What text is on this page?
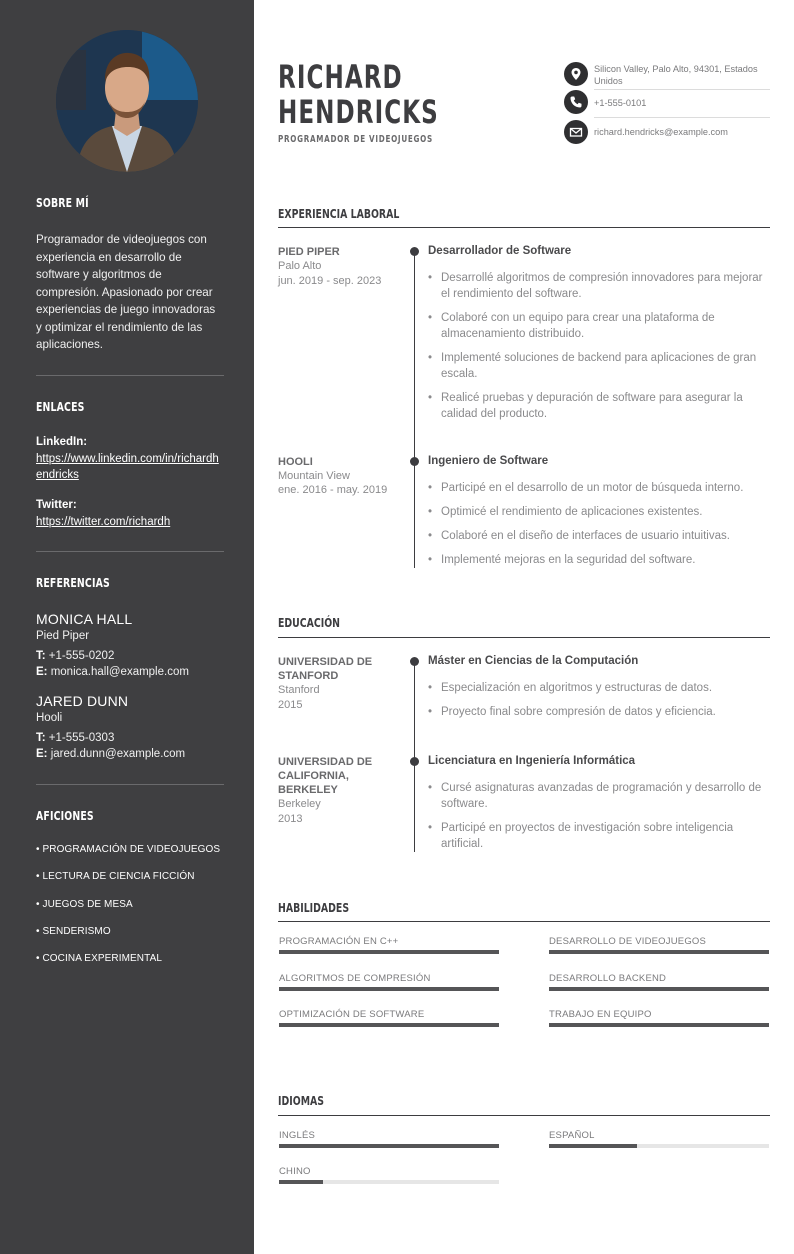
SOBRE MÍ

Programador de videojuegos con experiencia en desarrollo de software y algoritmos de compresión. Apasionado por crear experiencias de juego innovadoras y optimizar el rendimiento de las aplicaciones.

ENLACES
LinkedIn:
https://www.linkedin.com/in/richardhendricks
Twitter:
https://twitter.com/richardh
REFERENCIAS
MONICA HALL
Pied Piper
T: +1-555-0202
E: monica.hall@example.com
JARED DUNN
Hooli
T: +1-555-0303
E: jared.dunn@example.com
AFICIONES
• PROGRAMACIÓN DE VIDEOJUEGOS
• LECTURA DE CIENCIA FICCIÓN
• JUEGOS DE MESA
• SENDERISMO
• COCINA EXPERIMENTAL
RICHARD
HENDRICKS
PROGRAMADOR DE VIDEOJUEGOS
Silicon Valley, Palo Alto, 94301, Estados Unidos
+1-555-0101
richard.hendricks@example.com
EXPERIENCIA LABORAL
PIED PIPER
Palo Alto
jun. 2019 - sep. 2023
Desarrollador de Software
• Desarrollé algoritmos de compresión innovadores para mejorar el rendimiento del software.
• Colaboré con un equipo para crear una plataforma de almacenamiento distribuido.
• Implementé soluciones de backend para aplicaciones de gran escala.
• Realicé pruebas y depuración de software para asegurar la calidad del producto.
HOOLI
Mountain View
ene. 2016 - may. 2019
Ingeniero de Software
• Participé en el desarrollo de un motor de búsqueda interno.
• Optimicé el rendimiento de aplicaciones existentes.
• Colaboré en el diseño de interfaces de usuario intuitivas.
• Implementé mejoras en la seguridad del software.
EDUCACIÓN
UNIVERSIDAD DE STANFORD
Stanford
2015
Máster en Ciencias de la Computación
• Especialización en algoritmos y estructuras de datos.
• Proyecto final sobre compresión de datos y eficiencia.
UNIVERSIDAD DE CALIFORNIA, BERKELEY
Berkeley
2013
Licenciatura en Ingeniería Informática
• Cursé asignaturas avanzadas de programación y desarrollo de software.
• Participé en proyectos de investigación sobre inteligencia artificial.
HABILIDADES
PROGRAMACIÓN EN C++	DESARROLLO DE VIDEOJUEGOS
ALGORITMOS DE COMPRESIÓN	DESARROLLO BACKEND
OPTIMIZACIÓN DE SOFTWARE	TRABAJO EN EQUIPO
IDIOMAS
INGLÉS	ESPAÑOL
CHINO
